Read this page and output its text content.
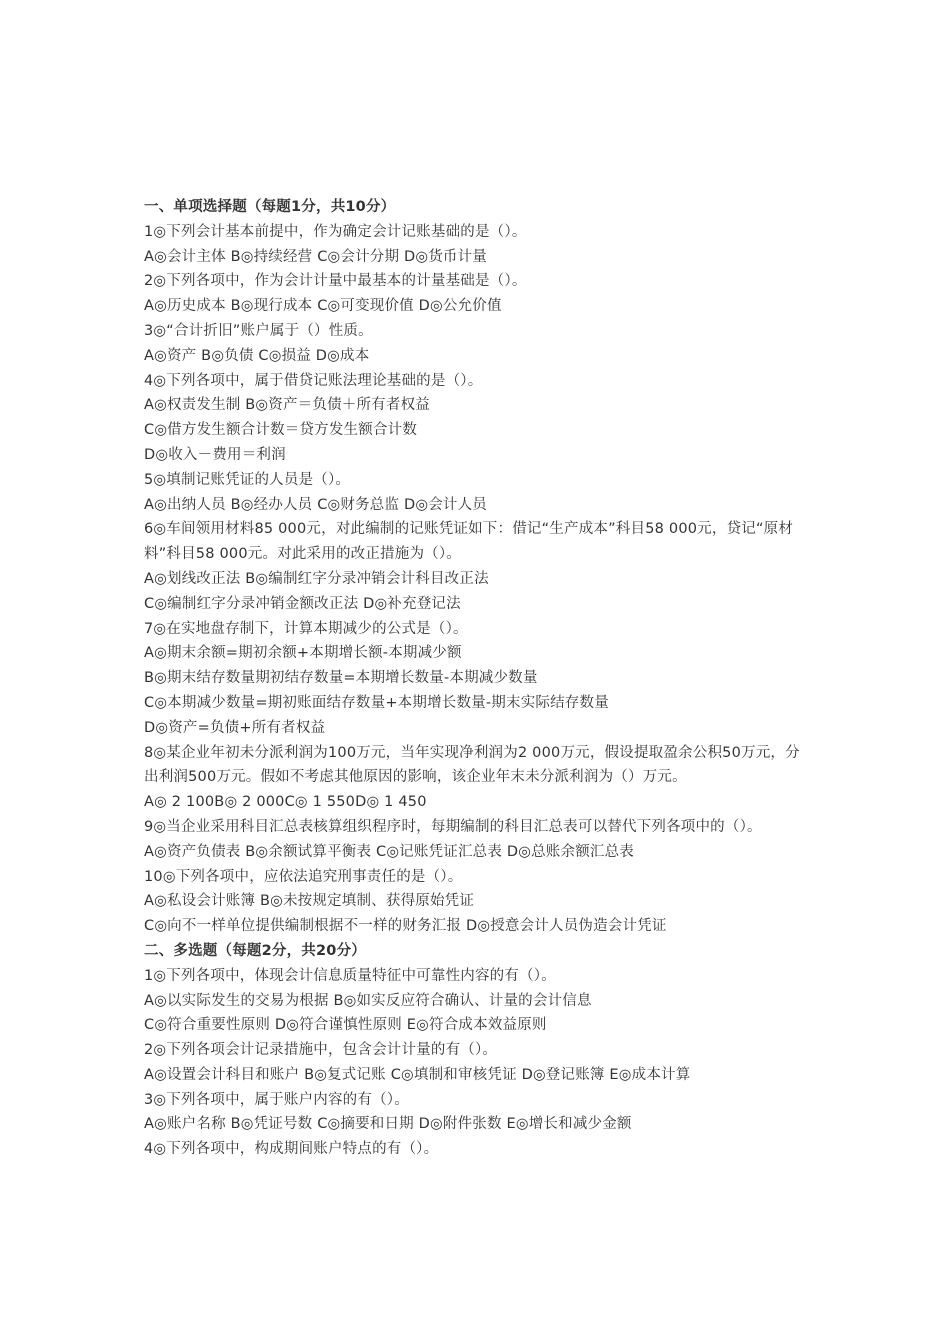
一、单项选择题（每题1分，共10分）
1◎下列会计基本前提中，作为确定会计记账基础的是（）。
A◎会计主体 B◎持续经营 C◎会计分期 D◎货币计量
2◎下列各项中，作为会计计量中最基本的计量基础是（）。
A◎历史成本 B◎现行成本 C◎可变现价值 D◎公允价值
3◎“合计折旧”账户属于（）性质。
A◎资产 B◎负债 C◎损益 D◎成本
4◎下列各项中，属于借贷记账法理论基础的是（）。
A◎权责发生制 B◎资产＝负债＋所有者权益
C◎借方发生额合计数＝贷方发生额合计数
D◎收入－费用＝利润
5◎填制记账凭证的人员是（）。
A◎出纳人员 B◎经办人员 C◎财务总监 D◎会计人员
6◎车间领用材料85 000元，对此编制的记账凭证如下：借记“生产成本”科目58 000元，贷记“原材料”科目58 000元。对此采用的改正措施为（）。
A◎划线改正法 B◎编制红字分录冲销会计科目改正法
C◎编制红字分录冲销金额改正法 D◎补充登记法
7◎在实地盘存制下，计算本期减少的公式是（）。
A◎期末余额=期初余额+本期增长额-本期减少额
B◎期末结存数量期初结存数量=本期增长数量-本期减少数量
C◎本期减少数量=期初账面结存数量+本期增长数量-期末实际结存数量
D◎资产=负债+所有者权益
8◎某企业年初未分派利润为100万元，当年实现净利润为2 000万元，假设提取盈余公积50万元，分出利润500万元。假如不考虑其他原因的影响，该企业年末未分派利润为（）万元。
A◎ 2 100B◎ 2 000C◎ 1 550D◎ 1 450
9◎当企业采用科目汇总表核算组织程序时，每期编制的科目汇总表可以替代下列各项中的（）。
A◎资产负债表 B◎余额试算平衡表 C◎记账凭证汇总表 D◎总账余额汇总表
10◎下列各项中，应依法追究刑事责任的是（）。
A◎私设会计账簿 B◎未按规定填制、获得原始凭证
C◎向不一样单位提供编制根据不一样的财务汇报 D◎授意会计人员伪造会计凭证
二、多选题（每题2分，共20分）
1◎下列各项中，体现会计信息质量特征中可靠性内容的有（）。
A◎以实际发生的交易为根据 B◎如实反应符合确认、计量的会计信息
C◎符合重要性原则 D◎符合谨慎性原则 E◎符合成本效益原则
2◎下列各项会计记录措施中，包含会计计量的有（）。
A◎设置会计科目和账户 B◎复式记账 C◎填制和审核凭证 D◎登记账簿 E◎成本计算
3◎下列各项中，属于账户内容的有（）。
A◎账户名称 B◎凭证号数 C◎摘要和日期 D◎附件张数 E◎增长和减少金额
4◎下列各项中，构成期间账户特点的有（）。
